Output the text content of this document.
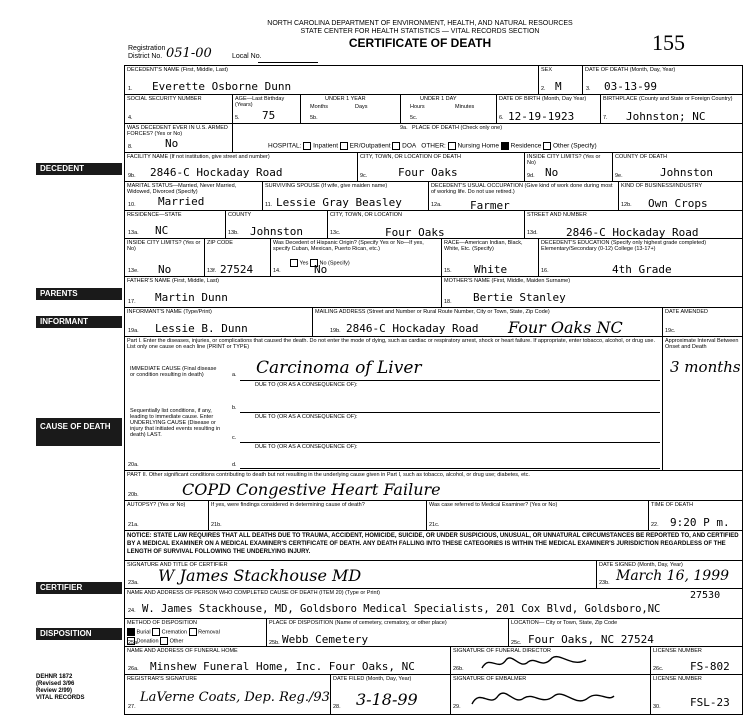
NORTH CAROLINA DEPARTMENT OF ENVIRONMENT, HEALTH, AND NATURAL RESOURCES
STATE CENTER FOR HEALTH STATISTICS — VITAL RECORDS SECTION
CERTIFICATE OF DEATH	155
Registration
District No. 051-00	Local No.
DECEDENT
PARENTS
INFORMANT
CAUSE OF DEATH
CERTIFIER
DISPOSITION
DECEDENT'S NAME (First, Middle, Last)	SEX	DATE OF DEATH (Month, Day, Year)
1. Everette Osborne Dunn	2. M	3. 03-13-99
SOCIAL SECURITY NUMBER	AGE—Last Birthday (Years)
UNDER 1 YEAR
Months	Days
UNDER 1 DAY
Hours	Minutes
DATE OF BIRTH (Month, Day Year)	BIRTHPLACE (County and State or Foreign Country)
4.	5. 75	5b.	5c.	6. 12-19-1923	7. Johnston; NC
WAS DECEDENT EVER IN U.S. ARMED FORCES? (Yes or No)
8.	No
9a. PLACE OF DEATH (Check only one)
HOSPITAL: Inpatient ER/Outpatient DOA OTHER: Nursing Home Residence Other (Specify)
FACILITY NAME (If not institution, give street and number)	CITY, TOWN, OR LOCATION OF DEATH	INSIDE CITY LIMITS? (Yes or No)
COUNTY OF DEATH
9b. 2846-C Hockaday Road	9c.	Four Oaks	9d. No	9e.	Johnston
MARITAL STATUS—Married, Never Married, Widowed, Divorced (Specify)
SURVIVING SPOUSE (If wife, give maiden name)	DECEDENT'S USUAL OCCUPATION (Give kind of work done during most of working life. Do not use retired.)
KIND OF BUSINESS/INDUSTRY
10. Married	11. Lessie Gray Beasley	12a.	Farmer	12b. Own Crops
RESIDENCE—STATE	COUNTY	CITY, TOWN, OR LOCATION	STREET AND NUMBER
13a. NC	13b. Johnston	13c.	Four Oaks	13d.	2846-C Hockaday Road
INSIDE CITY LIMITS? (Yes or No)
ZIP CODE	Was Decedent of Hispanic Origin? (Specify Yes or No—If yes, specify Cuban, Mexican, Puerto Rican, etc.)
Yes No (Specify)
RACE—American Indian, Black, White, Etc. (Specify)
DECEDENT'S EDUCATION (Specify only highest grade completed) Elementary/Secondary (0-12) College (13-17+)
13e. No	13f. 27524	14.	No	15. White	16.	4th Grade
FATHER'S NAME (First, Middle, Last)	MOTHER'S NAME (First, Middle, Maiden Surname)
17. Martin Dunn	18. Bertie Stanley
INFORMANT'S NAME (Type/Print)	MAILING ADDRESS (Street and Number or Rural Route Number, City or Town, State, Zip Code)	DATE AMENDED
19a. Lessie B. Dunn	19b. 2846-C Hockaday Road Four Oaks NC	19c.
Part I. Enter the diseases, injuries, or complications that caused the death. Do not enter the mode of dying, such as cardiac or respiratory arrest, shock or heart failure. If appropriate, enter tobacco, alcohol, or drug use. List only one cause on each line (PRINT or TYPE)
Approximate Interval Between Onset and Death
IMMEDIATE CAUSE (Final disease or condition resulting in death)	a. Carcinoma of Liver	3 months
DUE TO (OR AS A CONSEQUENCE OF):
Sequentially list conditions, if any, leading to immediate cause. Enter UNDERLYING CAUSE (Disease or injury that initiated events resulting in death) LAST.
b.
DUE TO (OR AS A CONSEQUENCE OF):
c.
DUE TO (OR AS A CONSEQUENCE OF):
20a.	d.
PART II. Other significant conditions contributing to death but not resulting in the underlying cause given in Part I, such as tobacco, alcohol, or drug use; diabetes, etc.
20b.	COPD Congestive Heart Failure
AUTOPSY? (Yes or No)	If yes, were findings considered in determining cause of death?	Was case referred to Medical Examiner? (Yes or No)	TIME OF DEATH
21a.	21b.	21c.	22. 9:20 P m.
NOTICE: STATE LAW REQUIRES THAT ALL DEATHS DUE TO TRAUMA, ACCIDENT, HOMICIDE, SUICIDE, OR UNDER SUSPICIOUS, UNUSUAL, OR UNNATURAL CIRCUMSTANCES BE REPORTED TO, AND CERTIFIED BY A MEDICAL EXAMINER ON A MEDICAL EXAMINER'S CERTIFICATE OF DEATH. ANY DEATH FALLING INTO THESE CATEGORIES IS WITHIN THE MEDICAL EXAMINER'S JURISDICTION REGARDLESS OF THE LENGTH OF SURVIVAL FOLLOWING THE UNDERLYING INJURY.
SIGNATURE AND TITLE OF CERTIFIER	DATE SIGNED (Month, Day, Year)
23a. W James Stackhouse MD	23b. March 16, 1999
NAME AND ADDRESS OF PERSON WHO COMPLETED CAUSE OF DEATH (ITEM 20) (Type or Print)	27530
24. W. James Stackhouse, MD, Goldsboro Medical Specialists, 201 Cox Blvd, Goldsboro,NC
METHOD OF DISPOSITION
Burial Cremation Removal
Donation Other
25a.
PLACE OF DISPOSITION (Name of cemetery, crematory, or other place)
25b. Webb Cemetery
LOCATION— City or Town, State, Zip Code
25c. Four Oaks, NC 27524
NAME AND ADDRESS OF FUNERAL HOME	SIGNATURE OF FUNERAL DIRECTOR	LICENSE NUMBER
26a. Minshew Funeral Home, Inc. Four Oaks, NC	26b.	26c. FS-802
REGISTRAR'S SIGNATURE	DATE FILED (Month, Day, Year)	SIGNATURE OF EMBALMER	LICENSE NUMBER
27.
LaVerne Coats, Dep. Reg./93
28. 3-18-99	29.	30.	FSL-23
DEHNR 1872
(Revised 3/96
Review 2/99)
VITAL RECORDS
